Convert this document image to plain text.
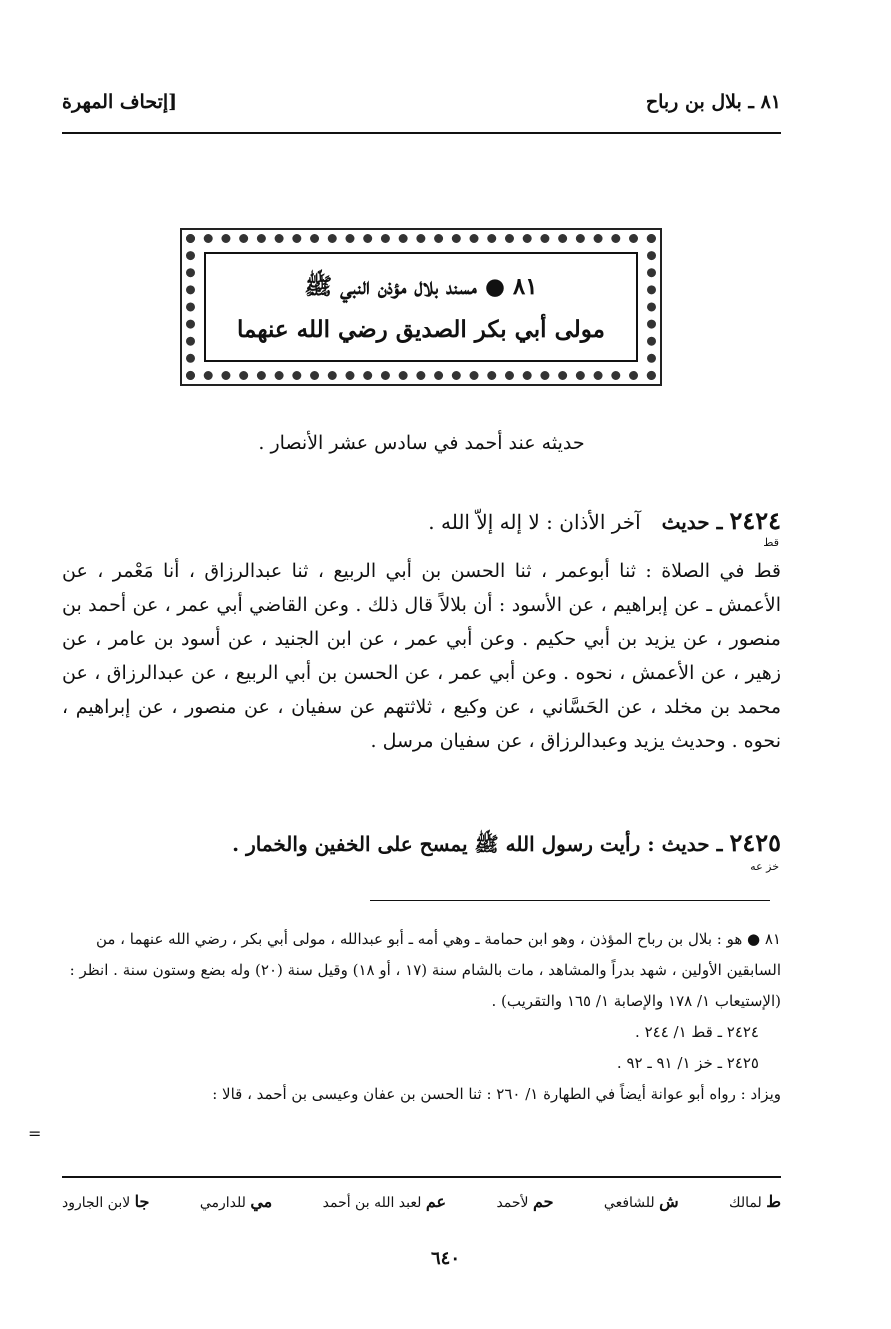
٨١ ـ بلال بن رباح
[إتحاف المهرة
٨١ ● مسند بلال مؤذن النبي ﷺ
مولى أبي بكر الصديق رضي الله عنهما
حديثه عند أحمد في سادس عشر الأنصار .
٢٤٢٤ ـ حديث   آخر الأذان : لا إله إلاّ الله .
قط
قط في الصلاة : ثنا أبوعمر ، ثنا الحسن بن أبي الربيع ، ثنا عبدالرزاق ، أنا مَعْمر ، عن الأعمش ـ عن إبراهيم ، عن الأسود : أن بلالاً قال ذلك . وعن القاضي أبي عمر ، عن أحمد بن منصور ، عن يزيد بن أبي حكيم . وعن أبي عمر ، عن ابن الجنيد ، عن أسود بن عامر ، عن زهير ، عن الأعمش ، نحوه . وعن أبي عمر ، عن الحسن بن أبي الربيع ، عن عبدالرزاق ، عن محمد بن مخلد ، عن الحَسَّاني ، عن وكيع ، ثلاثتهم عن سفيان ، عن منصور ، عن إبراهيم ، نحوه . وحديث يزيد وعبدالرزاق ، عن سفيان مرسل .
٢٤٢٥ ـ حديث : رأيت رسول الله ﷺ يمسح على الخفين والخمار .
خز عه

٨١ ● هو : بلال بن رباح المؤذن ، وهو ابن حمامة ـ وهي أمه ـ أبو عبدالله ، مولى أبي بكر ، رضي الله عنهما ، من السابقين الأولين ، شهد بدراً والمشاهد ، مات بالشام سنة (١٧ ، أو ١٨) وقيل سنة (٢٠) وله بضع وستون سنة . انظر : (الإستيعاب ١/ ١٧٨ والإصابة ١/ ١٦٥ والتقريب) .

٢٤٢٤ ـ قط ١/ ٢٤٤ .

٢٤٢٥ ـ خز ١/ ٩١ ـ ٩٢ .

ويزاد : رواه أبو عوانة أيضاً في الطهارة ١/ ٢٦٠ : ثنا الحسن بن عفان وعيسى بن أحمد ، قالا :

=
ط لمالك
ش للشافعي
حم لأحمد
عم لعبد الله بن أحمد
مي للدارمي
جا لابن الجارود
٦٤٠
